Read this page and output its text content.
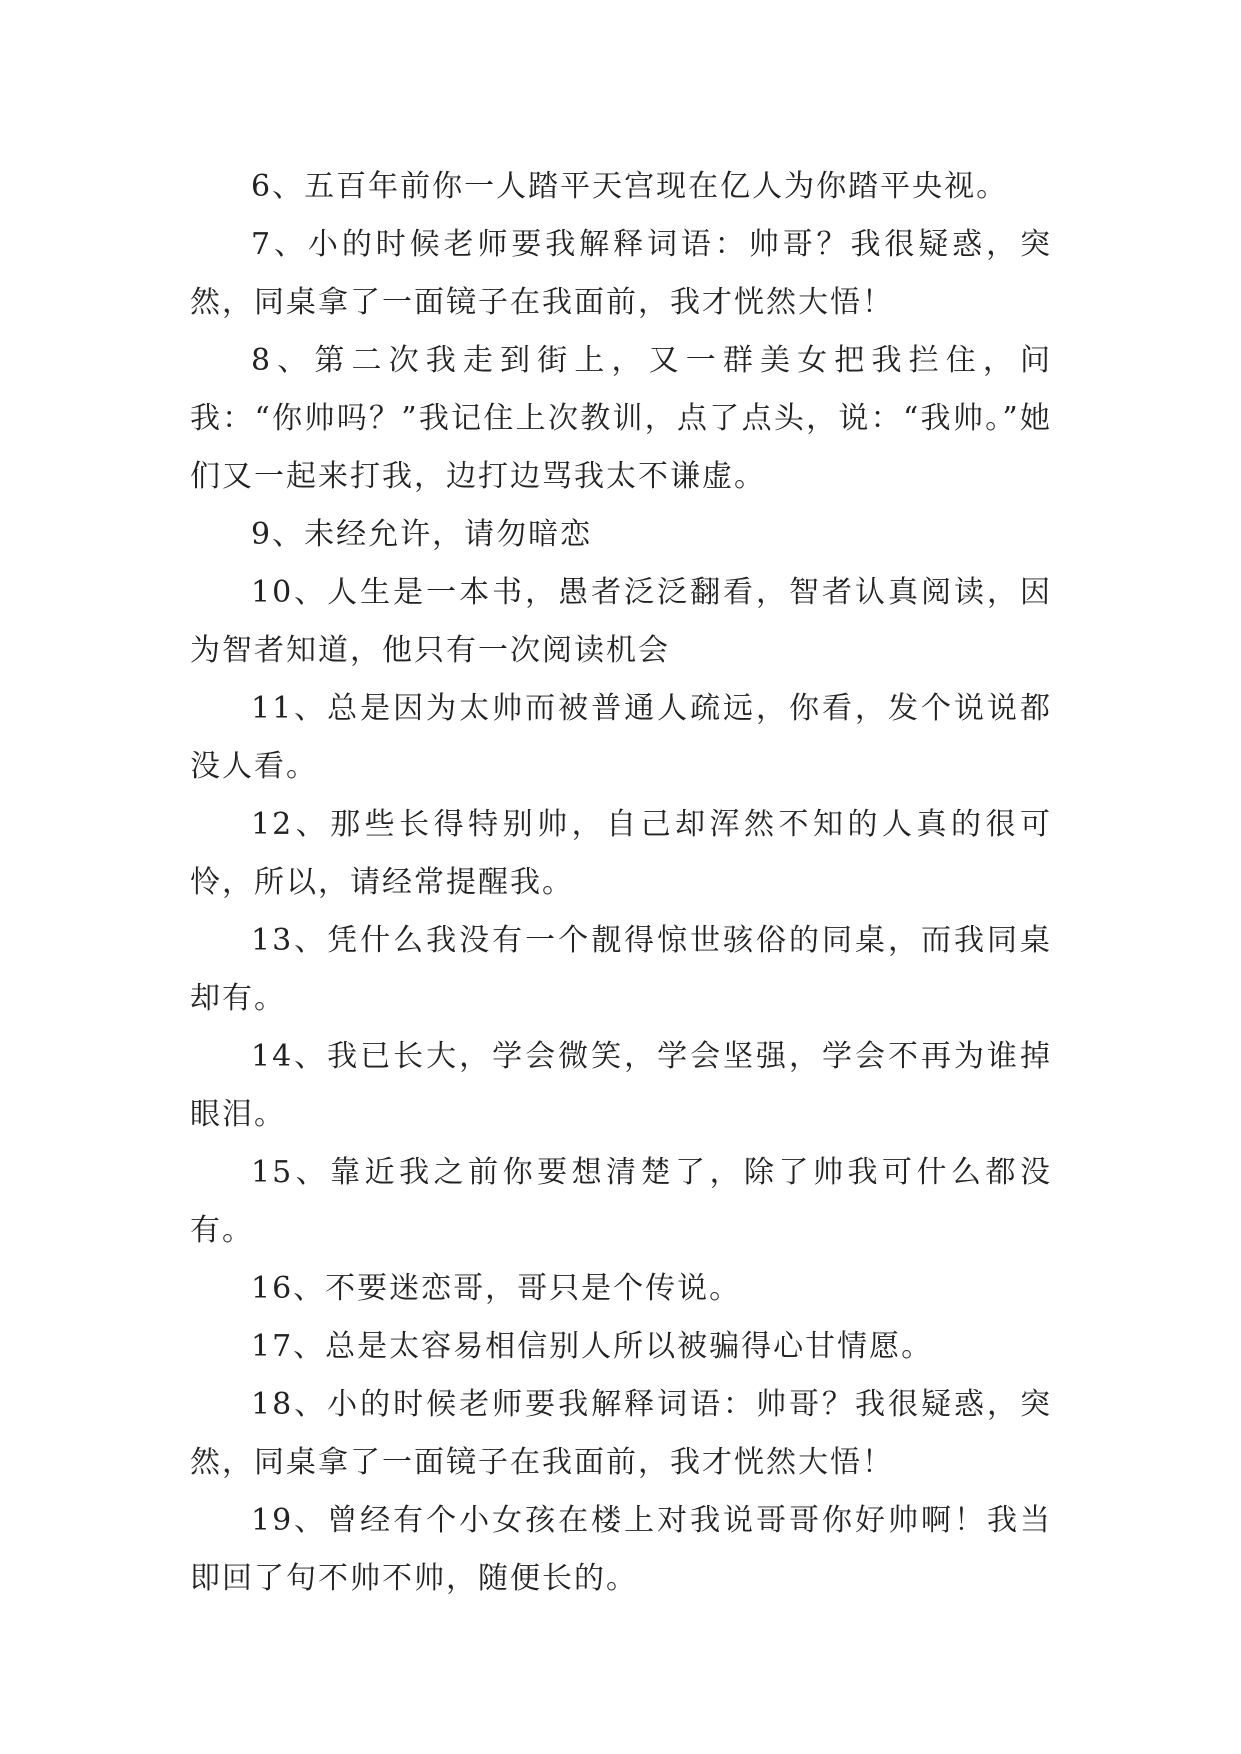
6、五百年前你一人踏平天宫现在亿人为你踏平央视。

7、小的时候老师要我解释词语：帅哥？我很疑惑，突然，同桌拿了一面镜子在我面前，我才恍然大悟！

8、第二次我走到街上，又一群美女把我拦住，问我：“你帅吗？”我记住上次教训，点了点头，说：“我帅。”她们又一起来打我，边打边骂我太不谦虚。

9、未经允许，请勿暗恋

10、人生是一本书，愚者泛泛翻看，智者认真阅读，因为智者知道，他只有一次阅读机会

11、总是因为太帅而被普通人疏远，你看，发个说说都没人看。

12、那些长得特别帅，自己却浑然不知的人真的很可怜，所以，请经常提醒我。

13、凭什么我没有一个靓得惊世骇俗的同桌，而我同桌却有。

14、我已长大，学会微笑，学会坚强，学会不再为谁掉眼泪。

15、靠近我之前你要想清楚了，除了帅我可什么都没有。

16、不要迷恋哥，哥只是个传说。

17、总是太容易相信别人所以被骗得心甘情愿。

18、小的时候老师要我解释词语：帅哥？我很疑惑，突然，同桌拿了一面镜子在我面前，我才恍然大悟！

19、曾经有个小女孩在楼上对我说哥哥你好帅啊！我当即回了句不帅不帅，随便长的。
